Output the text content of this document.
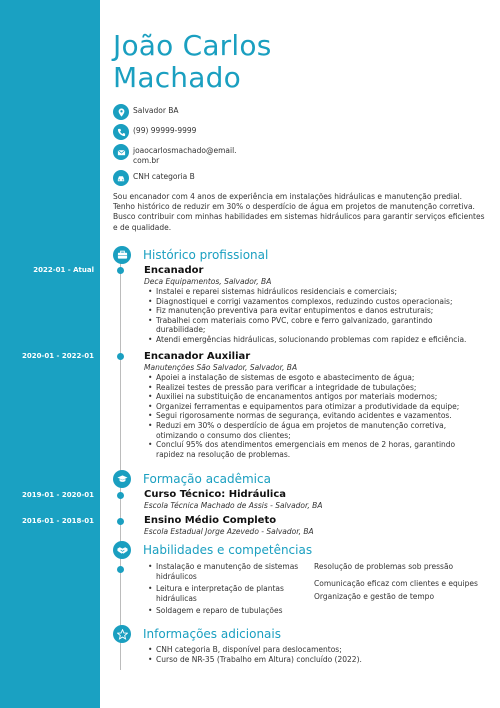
João Carlos
Machado
Salvador BA
(99) 99999-9999
joaocarlosmachado@email.
com.br
CNH categoria B

Sou encanador com 4 anos de experiência em instalações hidráulicas e manutenção predial. Tenho histórico de reduzir em 30% o desperdício de água em projetos de manutenção corretiva. Busco contribuir com minhas habilidades em sistemas hidráulicos para garantir serviços eficientes e de qualidade.

Histórico profissional
2022-01 - Atual	Encanador
Deca Equipamentos, Salvador, BA
• Instalei e reparei sistemas hidráulicos residenciais e comerciais;
• Diagnostiquei e corrigi vazamentos complexos, reduzindo custos operacionais;
• Fiz manutenção preventiva para evitar entupimentos e danos estruturais;
• Trabalhei com materiais como PVC, cobre e ferro galvanizado, garantindo durabilidade;
• Atendi emergências hidráulicas, solucionando problemas com rapidez e eficiência.
2020-01 - 2022-01	Encanador Auxiliar
Manutenções São Salvador, Salvador, BA
• Apoiei a instalação de sistemas de esgoto e abastecimento de água;
• Realizei testes de pressão para verificar a integridade de tubulações;
• Auxiliei na substituição de encanamentos antigos por materiais modernos;
• Organizei ferramentas e equipamentos para otimizar a produtividade da equipe;
• Segui rigorosamente normas de segurança, evitando acidentes e vazamentos.
• Reduzi em 30% o desperdício de água em projetos de manutenção corretiva, otimizando o consumo dos clientes;
• Concluí 95% dos atendimentos emergenciais em menos de 2 horas, garantindo rapidez na resolução de problemas.
Formação acadêmica
2019-01 - 2020-01	Curso Técnico: Hidráulica
Escola Técnica Machado de Assis - Salvador, BA
2016-01 - 2018-01	Ensino Médio Completo
Escola Estadual Jorge Azevedo - Salvador, BA
Habilidades e competências
• Instalação e manutenção de sistemas hidráulicos
• Leitura e interpretação de plantas hidráulicas
• Soldagem e reparo de tubulações
Resolução de problemas sob pressão
Comunicação eficaz com clientes e equipes
Organização e gestão de tempo
Informações adicionais
• CNH categoria B, disponível para deslocamentos;
• Curso de NR-35 (Trabalho em Altura) concluído (2022).
